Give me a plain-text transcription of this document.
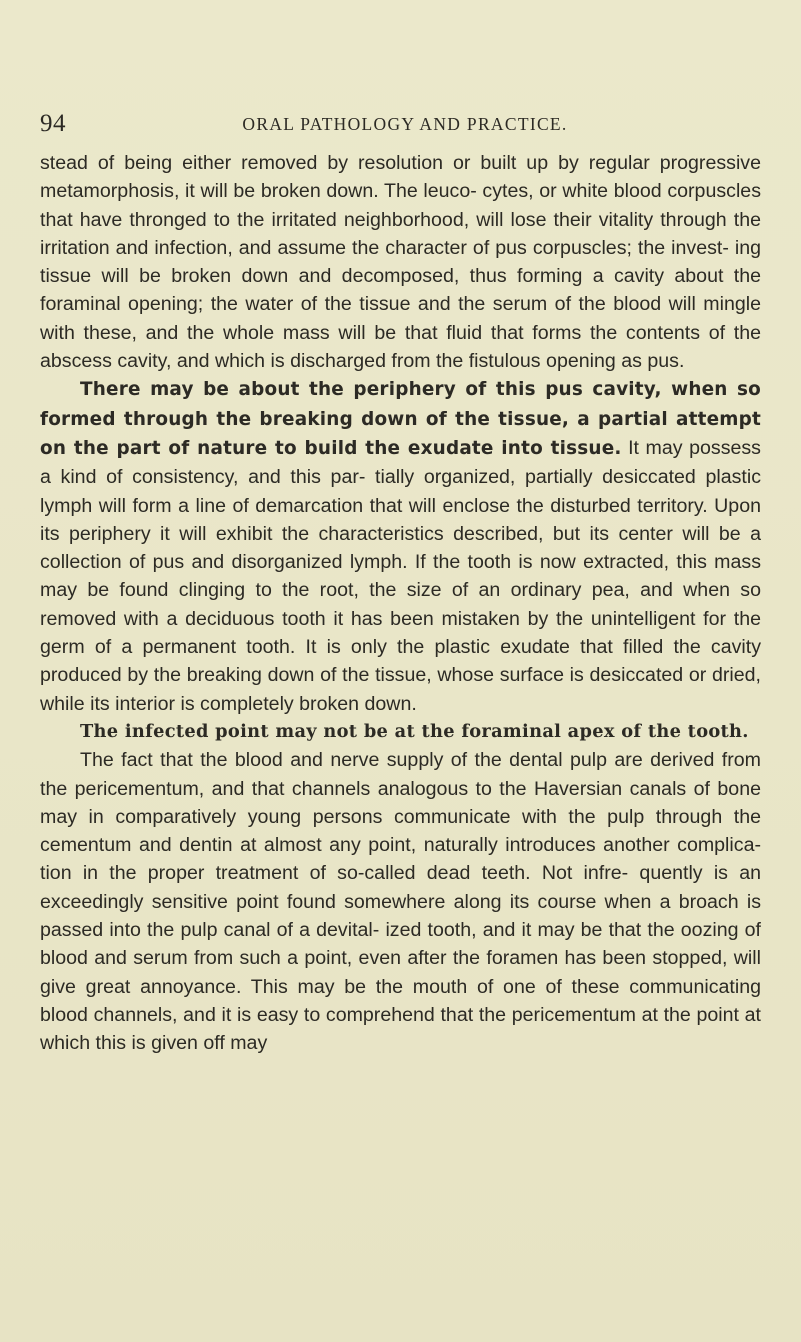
94	ORAL PATHOLOGY AND PRACTICE.

stead of being either removed by resolution or built up by regular progressive metamorphosis, it will be broken down. The leuco- cytes, or white blood corpuscles that have thronged to the irritated neighborhood, will lose their vitality through the irritation and infection, and assume the character of pus corpuscles; the invest- ing tissue will be broken down and decomposed, thus forming a cavity about the foraminal opening; the water of the tissue and the serum of the blood will mingle with these, and the whole mass will be that fluid that forms the contents of the abscess cavity, and which is discharged from the fistulous opening as pus.

There may be about the periphery of this pus cavity, when so formed through the breaking down of the tissue, a partial attempt on the part of nature to build the exudate into tissue. It may possess a kind of consistency, and this par- tially organized, partially desiccated plastic lymph will form a line of demarcation that will enclose the disturbed territory. Upon its periphery it will exhibit the characteristics described, but its center will be a collection of pus and disorganized lymph. If the tooth is now extracted, this mass may be found clinging to the root, the size of an ordinary pea, and when so removed with a deciduous tooth it has been mistaken by the unintelligent for the germ of a permanent tooth. It is only the plastic exudate that filled the cavity produced by the breaking down of the tissue, whose surface is desiccated or dried, while its interior is completely broken down.

The infected point may not be at the foraminal apex of the tooth.

The fact that the blood and nerve supply of the dental pulp are derived from the pericementum, and that channels analogous to the Haversian canals of bone may in comparatively young persons communicate with the pulp through the cementum and dentin at almost any point, naturally introduces another complica- tion in the proper treatment of so-called dead teeth. Not infre- quently is an exceedingly sensitive point found somewhere along its course when a broach is passed into the pulp canal of a devital- ized tooth, and it may be that the oozing of blood and serum from such a point, even after the foramen has been stopped, will give great annoyance. This may be the mouth of one of these communicating blood channels, and it is easy to comprehend that the pericementum at the point at which this is given off may
